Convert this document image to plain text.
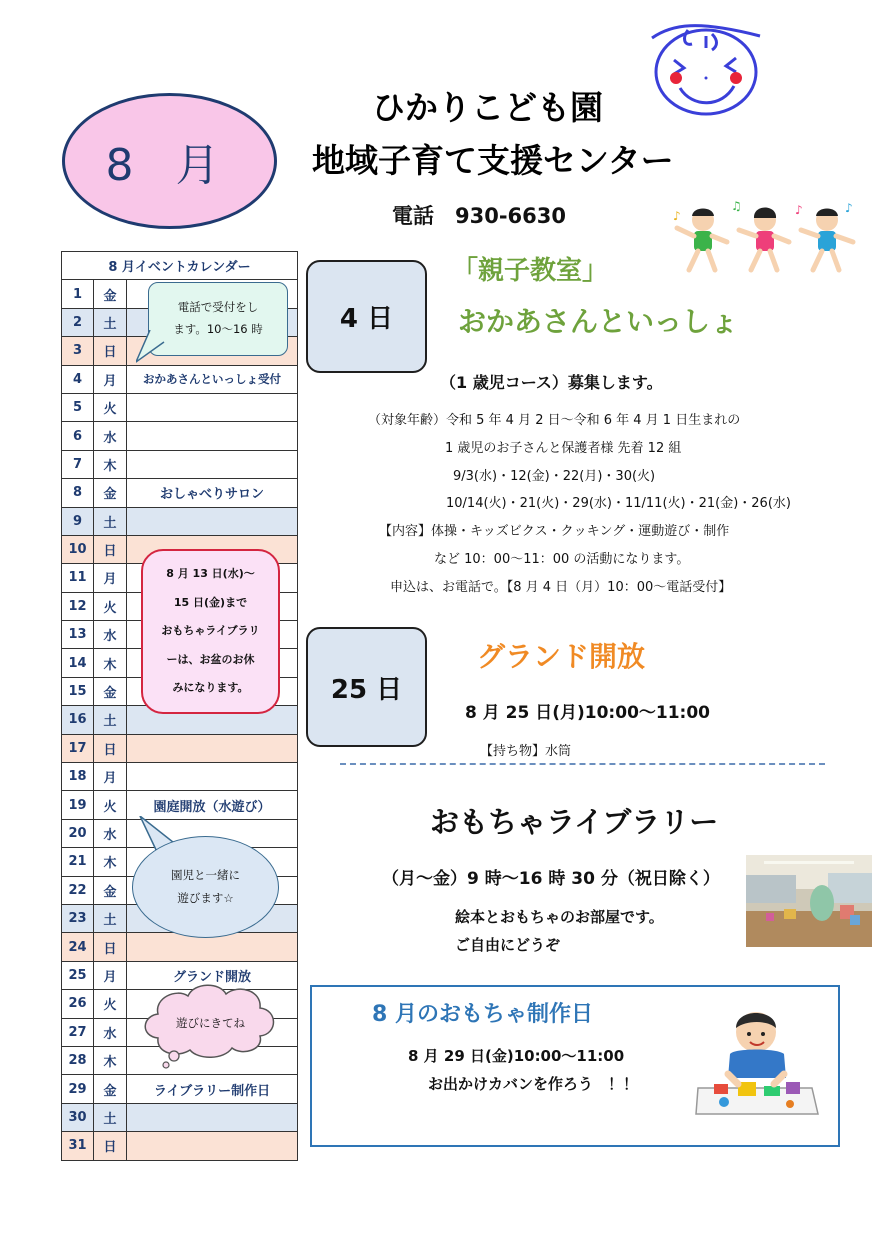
8 月
ひかりこども園
地域子育て支援センター
電話　930-6630	♪
♫	♪	♪
8 月イベントカレンダー		
1	金	
2	土	
3	日	
4	月	おかあさんといっしょ受付
5	火	
6	水	
7	木	
8	金	おしゃべりサロン
9	土	
10	日	
11	月	
12	火	
13	水	
14	木	
15	金	
16	土	
17	日	
18	月	
19	火	園庭開放（水遊び）
20	水	
21	木	
22	金	
23	土	
24	日	
25	月	グランド開放
26	火	
27	水	
28	木	
29	金	ライブラリー制作日
30	土	
31	日	
電話で受付をし
ます。10～16 時
8 月 13 日(水)～
15 日(金)まで
おもちゃライブラリ
ーは、お盆のお休
みになります。
園児と一緒に
遊びます☆
遊びにきてね
4 日
「親子教室」
おかあさんといっしょ
（1 歳児コース）募集します。
（対象年齢）令和 5 年 4 月 2 日～令和 6 年 4 月 1 日生まれの
1 歳児のお子さんと保護者様 先着 12 組
9/3(水)・12(金)・22(月)・30(火)
10/14(火)・21(火)・29(水)・11/11(火)・21(金)・26(水)
【内容】体操・キッズビクス・クッキング・運動遊び・制作
など 10：00～11：00 の活動になります。
申込は、お電話で。【8 月 4 日（月）10：00～電話受付】
25 日
グランド開放
8 月 25 日(月)10:00～11:00
【持ち物】水筒
おもちゃライブラリー
（月～金）9 時～16 時 30 分（祝日除く）
絵本とおもちゃのお部屋です。
ご自由にどうぞ
8 月のおもちゃ制作日
8 月 29 日(金)10:00～11:00
お出かけカバンを作ろう　！！
